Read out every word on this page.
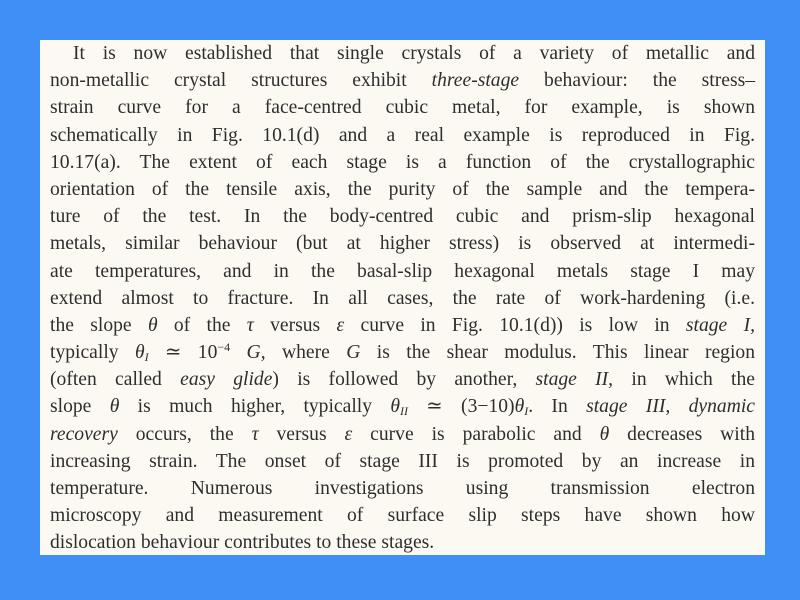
It is now established that single crystals of a variety of metallic and
non-metallic crystal structures exhibit three-stage behaviour: the stress–
strain curve for a face-centred cubic metal, for example, is shown
schematically in Fig. 10.1(d) and a real example is reproduced in Fig.
10.17(a). The extent of each stage is a function of the crystallographic
orientation of the tensile axis, the purity of the sample and the tempera-
ture of the test. In the body-centred cubic and prism-slip hexagonal
metals, similar behaviour (but at higher stress) is observed at intermedi-
ate temperatures, and in the basal-slip hexagonal metals stage I may
extend almost to fracture. In all cases, the rate of work-hardening (i.e.
the slope θ of the τ versus ε curve in Fig. 10.1(d)) is low in stage I,
typically $\theta_I$ ≃ $10^{-4}$ G, where G is the shear modulus. This linear region
(often called easy glide) is followed by another, stage II, in which the
slope θ is much higher, typically $\theta_{II}$ ≃ $(3-10)\theta_I$. In stage III, dynamic
recovery occurs, the τ versus ε curve is parabolic and θ decreases with
increasing strain. The onset of stage III is promoted by an increase in
temperature. Numerous investigations using transmission electron
microscopy and measurement of surface slip steps have shown how
dislocation behaviour contributes to these stages.
